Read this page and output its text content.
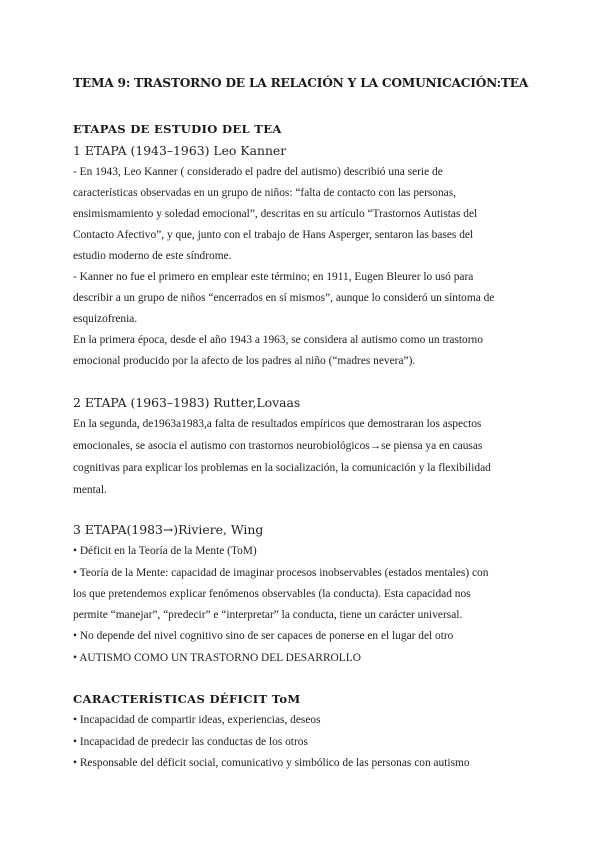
TEMA 9: TRASTORNO DE LA RELACIÓN Y LA COMUNICACIÓN:TEA
ETAPAS DE ESTUDIO DEL TEA
1 ETAPA (1943–1963) Leo Kanner
- En 1943, Leo Kanner ( considerado el padre del autismo) describió una serie de
características observadas en un grupo de niños: “falta de contacto con las personas,
ensimismamiento y soledad emocional”, descritas en su artículo “Trastornos Autistas del
Contacto Afectivo”, y que, junto con el trabajo de Hans Asperger, sentaron las bases del
estudio moderno de este síndrome.
- Kanner no fue el primero en emplear este término; en 1911, Eugen Bleurer lo usó para
describir a un grupo de niños “encerrados en sí mismos”, aunque lo consideró un síntoma de
esquizofrenia.
En la primera época, desde el año 1943 a 1963, se considera al autismo como un trastorno
emocional producido por la afecto de los padres al niño (“madres nevera”).
2 ETAPA (1963–1983) Rutter,Lovaas
En la segunda, de1963a1983,a falta de resultados empíricos que demostraran los aspectos
emocionales, se asocia el autismo con trastornos neurobiológicos→se piensa ya en causas
cognitivas para explicar los problemas en la socialización, la comunicación y la flexibilidad
mental.
3 ETAPA(1983→)Riviere, Wing
• Déficit en la Teoría de la Mente (ToM)
• Teoría de la Mente: capacidad de imaginar procesos inobservables (estados mentales) con
los que pretendemos explicar fenómenos observables (la conducta). Esta capacidad nos
permite “manejar”, “predecir” e “interpretar” la conducta, tiene un carácter universal.
• No depende del nivel cognitivo sino de ser capaces de ponerse en el lugar del otro
• AUTISMO COMO UN TRASTORNO DEL DESARROLLO
CARACTERÍSTICAS DÉFICIT ToM
• Incapacidad de compartir ideas, experiencias, deseos
• Incapacidad de predecir las conductas de los otros
• Responsable del déficit social, comunicativo y simbólico de las personas con autismo
